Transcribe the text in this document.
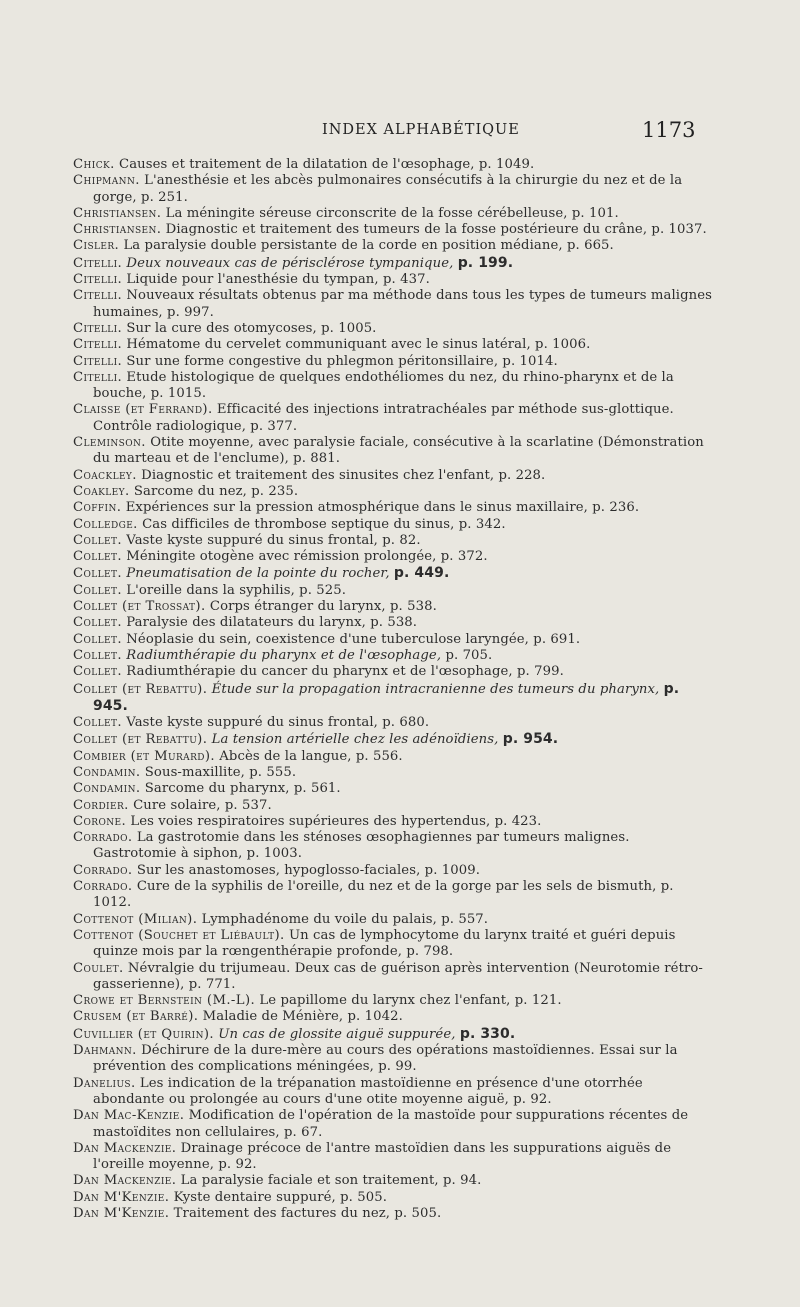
INDEX ALPHABÉTIQUE	1173

Chick. Causes et traitement de la dilatation de l'œsophage, p. 1049.

Chipmann. L'anesthésie et les abcès pulmonaires consécutifs à la chirurgie du nez et de la gorge, p. 251.

Christiansen. La méningite séreuse circonscrite de la fosse cérébelleuse, p. 101.

Christiansen. Diagnostic et traitement des tumeurs de la fosse postérieure du crâne, p. 1037.

Cisler. La paralysie double persistante de la corde en position médiane, p. 665.

Citelli. Deux nouveaux cas de périsclérose tympanique, p. 199.

Citelli. Liquide pour l'anesthésie du tympan, p. 437.

Citelli. Nouveaux résultats obtenus par ma méthode dans tous les types de tumeurs malignes humaines, p. 997.

Citelli. Sur la cure des otomycoses, p. 1005.

Citelli. Hématome du cervelet communiquant avec le sinus latéral, p. 1006.

Citelli. Sur une forme congestive du phlegmon péritonsillaire, p. 1014.

Citelli. Etude histologique de quelques endothéliomes du nez, du rhino-pharynx et de la bouche, p. 1015.

Claisse (et Ferrand). Efficacité des injections intratrachéales par méthode sus-glottique. Contrôle radiologique, p. 377.

Cleminson. Otite moyenne, avec paralysie faciale, consécutive à la scarlatine (Démonstration du marteau et de l'enclume), p. 881.

Coackley. Diagnostic et traitement des sinusites chez l'enfant, p. 228.

Coakley. Sarcome du nez, p. 235.

Coffin. Expériences sur la pression atmosphérique dans le sinus maxillaire, p. 236.

Colledge. Cas difficiles de thrombose septique du sinus, p. 342.

Collet. Vaste kyste suppuré du sinus frontal, p. 82.

Collet. Méningite otogène avec rémission prolongée, p. 372.

Collet. Pneumatisation de la pointe du rocher, p. 449.

Collet. L'oreille dans la syphilis, p. 525.

Collet (et Trossat). Corps étranger du larynx, p. 538.

Collet. Paralysie des dilatateurs du larynx, p. 538.

Collet. Néoplasie du sein, coexistence d'une tuberculose laryngée, p. 691.

Collet. Radiumthérapie du pharynx et de l'œsophage, p. 705.

Collet. Radiumthérapie du cancer du pharynx et de l'œsophage, p. 799.

Collet (et Rebattu). Étude sur la propagation intracranienne des tumeurs du pharynx, p. 945.

Collet. Vaste kyste suppuré du sinus frontal, p. 680.

Collet (et Rebattu). La tension artérielle chez les adénoïdiens, p. 954.

Combier (et Murard). Abcès de la langue, p. 556.

Condamin. Sous-maxillite, p. 555.

Condamin. Sarcome du pharynx, p. 561.

Cordier. Cure solaire, p. 537.

Corone. Les voies respiratoires supérieures des hypertendus, p. 423.

Corrado. La gastrotomie dans les sténoses œsophagiennes par tumeurs malignes. Gastrotomie à siphon, p. 1003.

Corrado. Sur les anastomoses, hypoglosso-faciales, p. 1009.

Corrado. Cure de la syphilis de l'oreille, du nez et de la gorge par les sels de bismuth, p. 1012.

Cottenot (Milian). Lymphadénome du voile du palais, p. 557.

Cottenot (Souchet et Liébault). Un cas de lymphocytome du larynx traité et guéri depuis quinze mois par la rœngenthérapie profonde, p. 798.

Coulet. Névralgie du trijumeau. Deux cas de guérison après intervention (Neurotomie rétro-gasserienne), p. 771.

Crowe et Bernstein (M.-L). Le papillome du larynx chez l'enfant, p. 121.

Crusem (et Barré). Maladie de Ménière, p. 1042.

Cuvillier (et Quirin). Un cas de glossite aiguë suppurée, p. 330.

Dahmann. Déchirure de la dure-mère au cours des opérations mastoïdiennes. Essai sur la prévention des complications méningées, p. 99.

Danelius. Les indication de la trépanation mastoïdienne en présence d'une otorrhée abondante ou prolongée au cours d'une otite moyenne aiguë, p. 92.

Dan Mac-Kenzie. Modification de l'opération de la mastoïde pour suppurations récentes de mastoïdites non cellulaires, p. 67.

Dan Mackenzie. Drainage précoce de l'antre mastoïdien dans les suppurations aiguës de l'oreille moyenne, p. 92.

Dan Mackenzie. La paralysie faciale et son traitement, p. 94.

Dan M'Kenzie. Kyste dentaire suppuré, p. 505.

Dan M'Kenzie. Traitement des factures du nez, p. 505.
